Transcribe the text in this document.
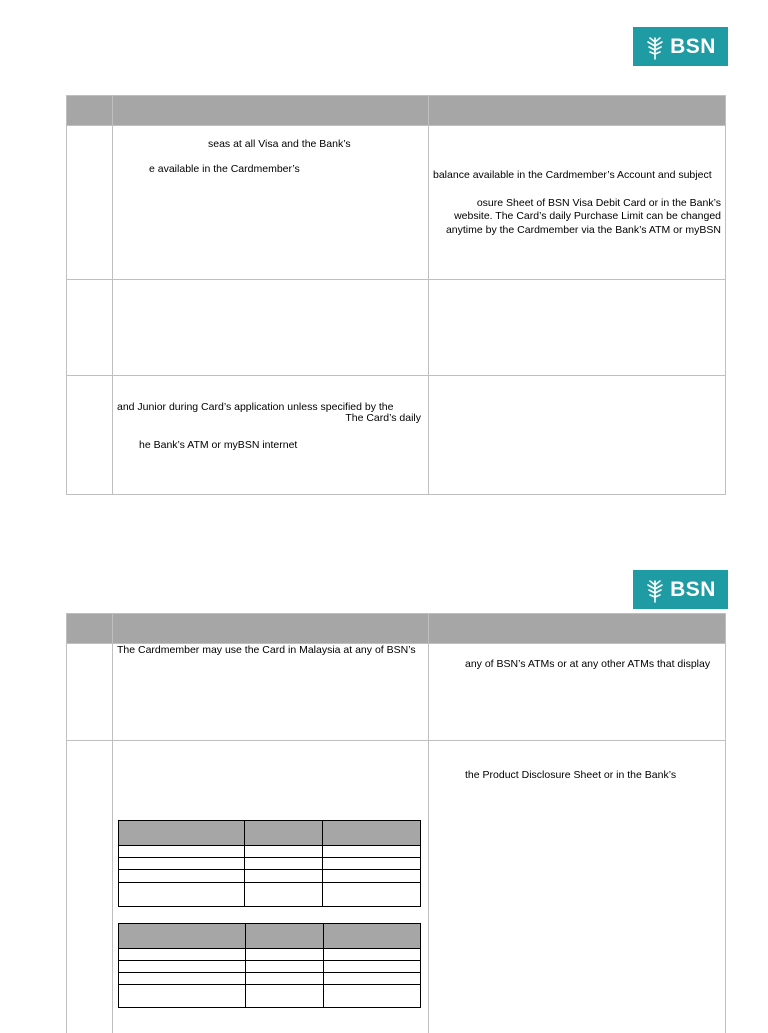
BSN
seas at all Visa and the Bank’s
e available in the Cardmember’s	balance available in the Cardmember’s Account and subject
osure Sheet of BSN Visa Debit Card or in the Bank’s
website. The Card’s daily Purchase Limit can be changed
anytime by the Cardmember via the Bank’s ATM or myBSN
and Junior during Card’s application unless specified by the
The Card’s daily
he Bank’s ATM or myBSN internet
BSN
The Cardmember may use the Card in Malaysia at any of BSN’s
any of BSN’s ATMs or at any other ATMs that display
the Product Disclosure Sheet or in the Bank’s
